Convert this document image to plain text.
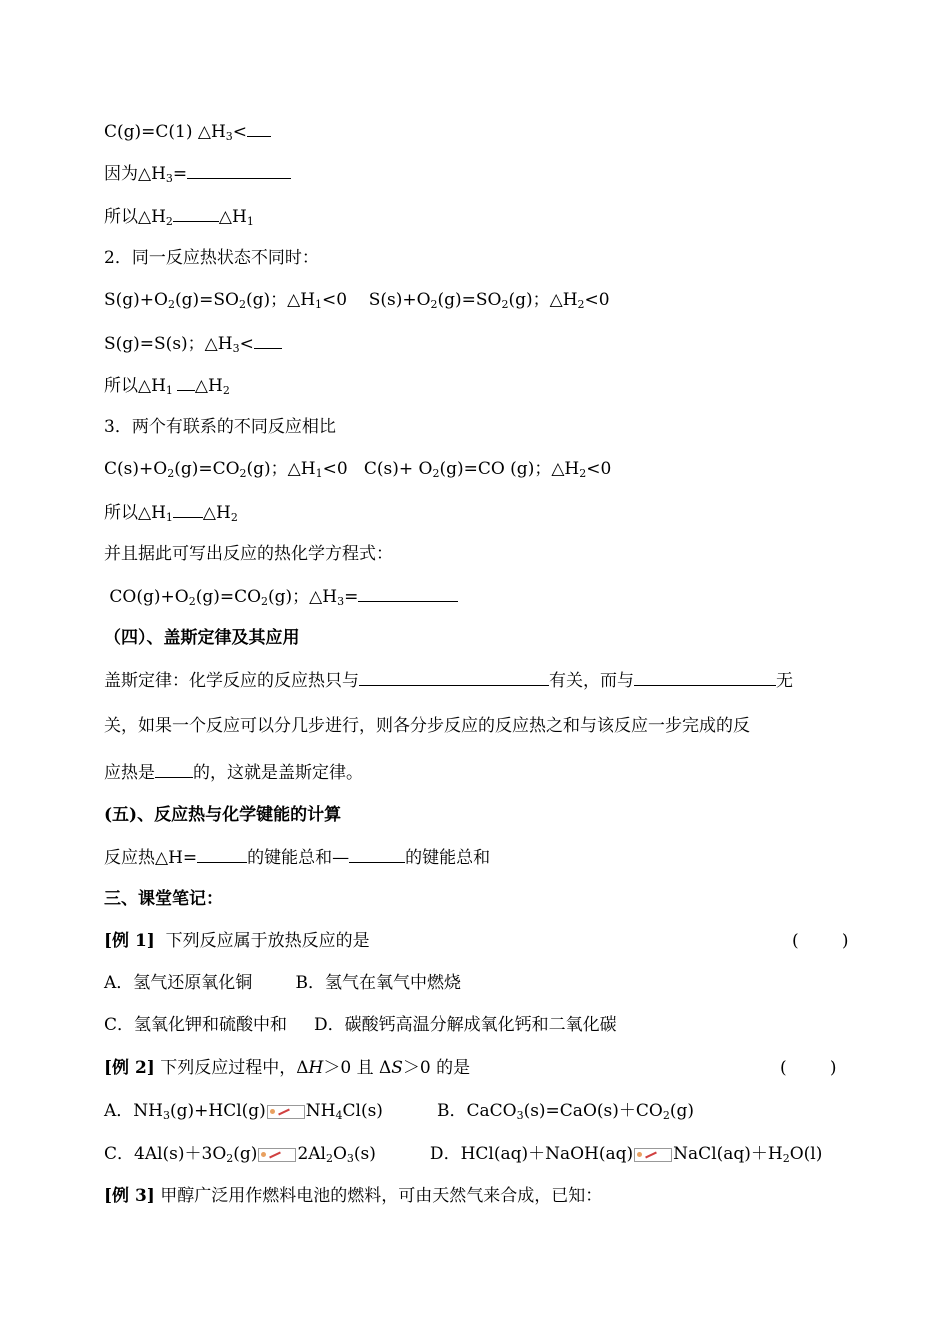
C(g)=C(1) $\triangle H_3<$
因为$\triangle H_3=$
所以$\triangle H_2$	$\triangle H_1$
2．同一反应热状态不同时：
$S(g)+O_2(g)=SO_2(g)$；$\triangle H_1<0$    $S(s)+O_2(g)=SO_2(g)$；$\triangle H_2<0$
S(g)=S(s)；$\triangle H_3<$
所以$\triangle H_1$ $\triangle H_2$
3．两个有联系的不同反应相比
$C(s)+O_2(g)=CO_2(g)$；$\triangle H_1<0$   $C(s)+ O_2(g)=CO$ (g)；$\triangle H_2<0$
所以$\triangle H_1$ $\triangle H_2$
并且据此可写出反应的热化学方程式：
$CO(g)+O_2(g)=CO_2(g)$；$\triangle H_3=$
（四）、盖斯定律及其应用
盖斯定律：化学反应的反应热只与	有关，而与	无
关，如果一个反应可以分几步进行，则各分步反应的反应热之和与该反应一步完成的反
应热是 的，这就是盖斯定律。
(五)、反应热与化学键能的计算
反应热△H=	的键能总和—	的键能总和
三、课堂笔记：
[例 1]  下列反应属于放热反应的是	(        )
A．氢气还原氧化铜        B．氢气在氧气中燃烧
C．氢氧化钾和硫酸中和     D．碳酸钙高温分解成氧化钙和二氧化碳
[例 2] 下列反应过程中，ΔH＞0 且 ΔS＞0 的是	(        )
A．$NH_3(g)+HCl(g)$ $NH_4Cl(s)$          B．$CaCO_3(s)=CaO(s)+CO_2(g)$
C．$4Al(s)+3O_2(g)$ $2Al_2O_3(s)$          D．HCl(aq)＋NaOH(aq) $NaCl(aq)+H_2O(l)$
[例 3] 甲醇广泛用作燃料电池的燃料，可由天然气来合成，已知：
